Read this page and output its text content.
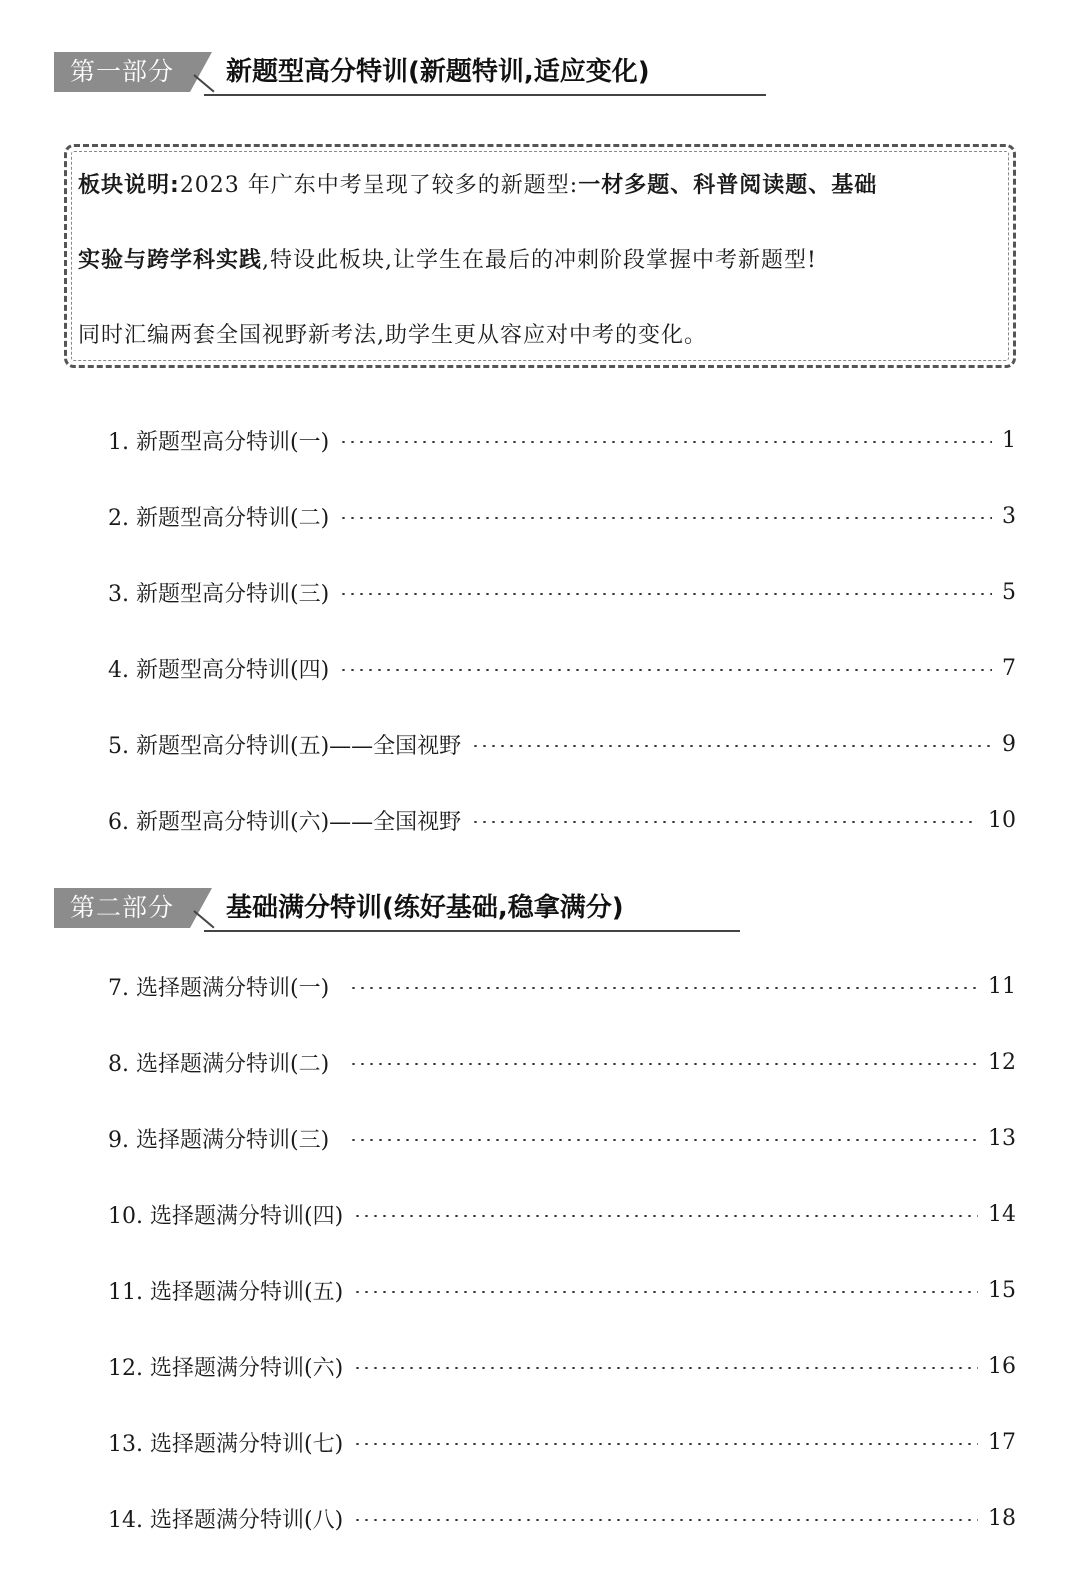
第一部分	新题型高分特训(新题特训,适应变化)
板块说明:2023 年广东中考呈现了较多的新题型:一材多题、科普阅读题、基础
实验与跨学科实践,特设此板块,让学生在最后的冲刺阶段掌握中考新题型!
同时汇编两套全国视野新考法,助学生更从容应对中考的变化。
1. 新题型高分特训(一)	1
2. 新题型高分特训(二)	3
3. 新题型高分特训(三)	5
4. 新题型高分特训(四)	7
5. 新题型高分特训(五)——全国视野	9
6. 新题型高分特训(六)——全国视野	10
第二部分	基础满分特训(练好基础,稳拿满分)
7. 选择题满分特训(一)	11
8. 选择题满分特训(二)	12
9. 选择题满分特训(三)	13
10. 选择题满分特训(四)	14
11. 选择题满分特训(五)	15
12. 选择题满分特训(六)	16
13. 选择题满分特训(七)	17
14. 选择题满分特训(八)	18
